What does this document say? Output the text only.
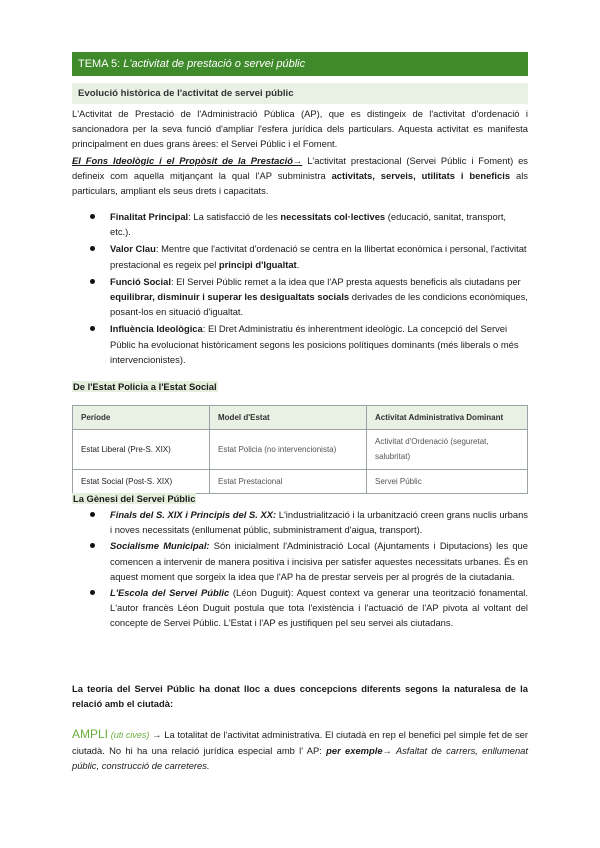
TEMA 5: L'activitat de prestació o servei públic
Evolució històrica de l'activitat de servei públic
L'Activitat de Prestació de l'Administració Pública (AP), que es distingeix de l'activitat d'ordenació i sancionadora per la seva funció d'ampliar l'esfera jurídica dels particulars. Aquesta activitat es manifesta principalment en dues grans àrees: el Servei Públic i el Foment.
El Fons Ideològic i el Propòsit de la Prestació→ L'activitat prestacional (Servei Públic i Foment) es defineix com aquella mitjançant la qual l'AP subministra activitats, serveis, utilitats i beneficis als particulars, ampliant els seus drets i capacitats.
Finalitat Principal: La satisfacció de les necessitats col·lectives (educació, sanitat, transport, etc.).
Valor Clau: Mentre que l'activitat d'ordenació se centra en la llibertat econòmica i personal, l'activitat prestacional es regeix pel principi d'Igualtat.
Funció Social: El Servei Públic remet a la idea que l'AP presta aquests beneficis als ciutadans per equilibrar, disminuir i superar les desigualtats socials derivades de les condicions econòmiques, posant-los en situació d'igualtat.
Influència Ideològica: El Dret Administratiu és inherentment ideològic. La concepció del Servei Públic ha evolucionat històricament segons les posicions polítiques dominants (més liberals o més intervencionistes).
De l'Estat Policia a l'Estat Social
Període	Model d'Estat	Activitat Administrativa Dominant
Estat Liberal (Pre-S. XIX)	Estat Policia (no intervencionista)	Activitat d'Ordenació (seguretat, salubritat)
Estat Social (Post-S. XIX)	Estat Prestacional	Servei Públic
La Gènesi del Servei Públic
Finals del S. XIX i Principis del S. XX: L'industrialització i la urbanització creen grans nuclis urbans i noves necessitats (enllumenat públic, subministrament d'aigua, transport).
Socialisme Municipal: Són inicialment l'Administració Local (Ajuntaments i Diputacions) les que comencen a intervenir de manera positiva i incisiva per satisfer aquestes necessitats urbanes. És en aquest moment que sorgeix la idea que l'AP ha de prestar serveis per al progrés de la ciutadania.
L'Escola del Servei Públic (Léon Duguit): Aquest context va generar una teorització fonamental. L'autor francès Léon Duguit postula que tota l'existència i l'actuació de l'AP pivota al voltant del concepte de Servei Públic. L'Estat i l'AP es justifiquen pel seu servei als ciutadans.
La teoria del Servei Públic ha donat lloc a dues concepcions diferents segons la naturalesa de la relació amb el ciutadà:
AMPLI (uti cives) → La totalitat de l'activitat administrativa. El ciutadà en rep el benefici pel simple fet de ser ciutadà. No hi ha una relació jurídica especial amb l' AP: per exemple→ Asfaltat de carrers, enllumenat públic, construcció de carreteres.
